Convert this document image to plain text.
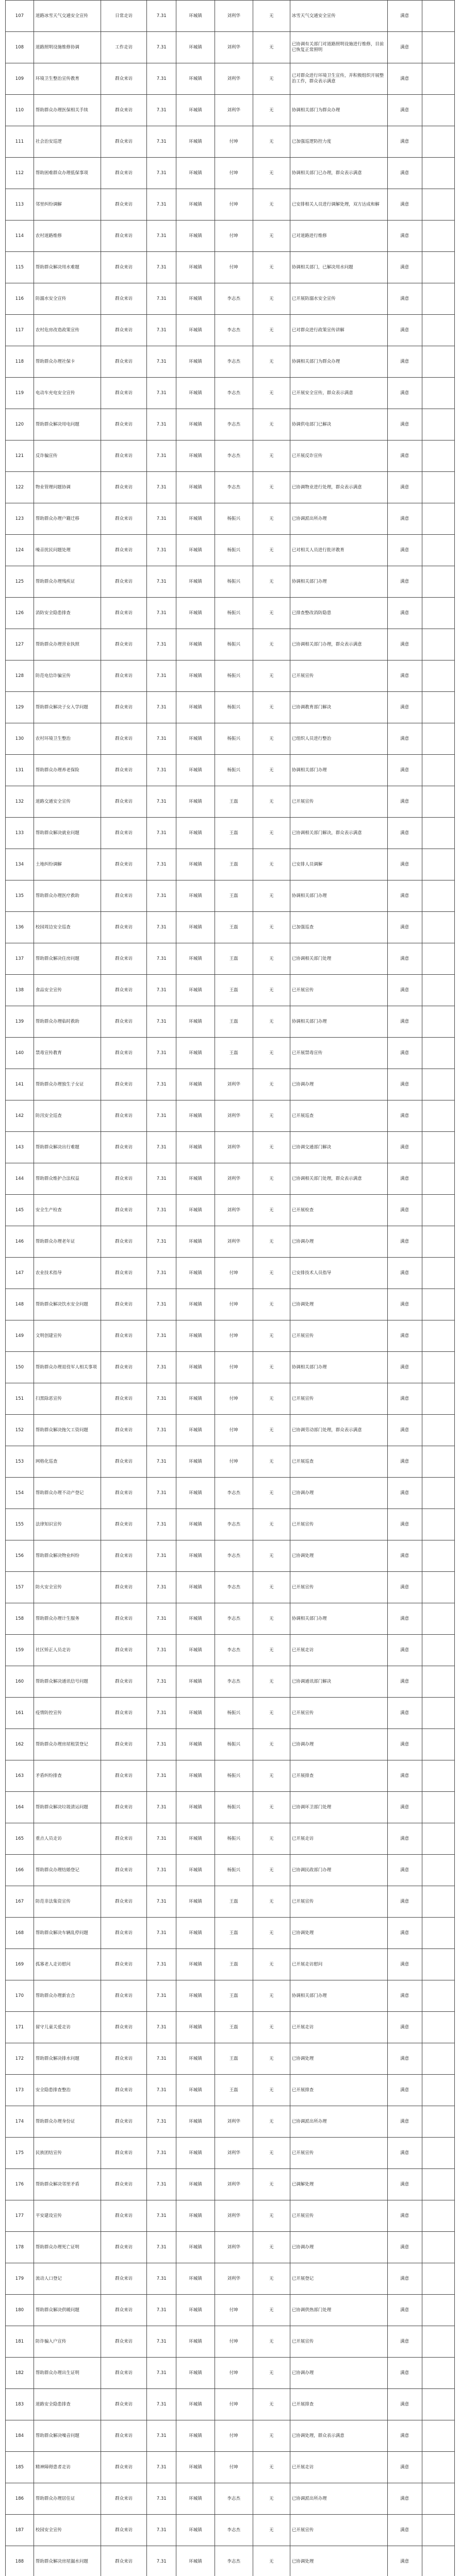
107	道路冰雪天气交通安全宣传	日常走访	7.31	环城镇	刘利华	无	冰雪天气交通安全宣传	满意	
108	道路照明设施维修协调	工作走访	7.31	环城镇	刘利华	无	已协调有关部门对道路照明设施进行维修，目前已恢复正常照明	满意	
109	环境卫生整治宣传教育	群众来访	7.31	环城镇	刘利华	无	已对群众进行环境卫生宣传，并积极组织开展整治工作，群众表示满意	满意	
110	帮助群众办理医保相关手续	群众来访	7.31	环城镇	刘利华	无	协调相关部门为群众办理	满意	
111	社会治安巡逻	群众来访	7.31	环城镇	付坤	无	已加强巡逻防控力度	满意	
112	帮助困难群众办理低保事项	群众来访	7.31	环城镇	付坤	无	协调相关部门已办理，群众表示满意	满意	
113	邻里纠纷调解	群众来访	7.31	环城镇	付坤	无	已安排相关人员进行调解处理，双方达成和解	满意	
114	农村道路维修	群众来访	7.31	环城镇	付坤	无	已对道路进行维修	满意	
115	帮助群众解决用水难题	群众来访	7.31	环城镇	付坤	无	协调相关部门，已解决用水问题	满意	
116	防溺水安全宣传	群众来访	7.31	环城镇	李志杰	无	已开展防溺水安全宣传	满意	
117	农村危房改造政策宣传	群众来访	7.31	环城镇	李志杰	无	已对群众进行政策宣传讲解	满意	
118	帮助群众办理社保卡	群众来访	7.31	环城镇	李志杰	无	协调相关部门为群众办理	满意	
119	电动车充电安全宣传	群众来访	7.31	环城镇	李志杰	无	已开展安全宣传，群众表示满意	满意	
120	帮助群众解决用电问题	群众来访	7.31	环城镇	李志杰	无	协调供电部门已解决	满意	
121	反诈骗宣传	群众来访	7.31	环城镇	李志杰	无	已开展反诈宣传	满意	
122	物业管理问题协调	群众来访	7.31	环城镇	李志杰	无	已协调物业进行处理，群众表示满意	满意	
123	帮助群众办理户籍迁移	群众来访	7.31	环城镇	杨振兴	无	已协调派出所办理	满意	
124	噪音扰民问题处理	群众来访	7.31	环城镇	杨振兴	无	已对相关人员进行批评教育	满意	
125	帮助群众办理残疾证	群众来访	7.31	环城镇	杨振兴	无	协调相关部门办理	满意	
126	消防安全隐患排查	群众来访	7.31	环城镇	杨振兴	无	已排查整改消防隐患	满意	
127	帮助群众办理营业执照	群众来访	7.31	环城镇	杨振兴	无	已协调相关部门办理，群众表示满意	满意	
128	防范电信诈骗宣传	群众来访	7.31	环城镇	杨振兴	无	已开展宣传	满意	
129	帮助群众解决子女入学问题	群众来访	7.31	环城镇	杨振兴	无	已协调教育部门解决	满意	
130	农村环境卫生整治	群众来访	7.31	环城镇	杨振兴	无	已组织人员进行整治	满意	
131	帮助群众办理养老保险	群众来访	7.31	环城镇	杨振兴	无	协调相关部门办理	满意	
132	道路交通安全宣传	群众来访	7.31	环城镇	王磊	无	已开展宣传	满意	
133	帮助群众解决就业问题	群众来访	7.31	环城镇	王磊	无	已协调相关部门解决，群众表示满意	满意	
134	土地纠纷调解	群众来访	7.31	环城镇	王磊	无	已安排人员调解	满意	
135	帮助群众办理医疗救助	群众来访	7.31	环城镇	王磊	无	协调相关部门办理	满意	
136	校园周边安全巡查	群众来访	7.31	环城镇	王磊	无	已加强巡查	满意	
137	帮助群众解决住房问题	群众来访	7.31	环城镇	王磊	无	已协调相关部门处理	满意	
138	食品安全宣传	群众来访	7.31	环城镇	王磊	无	已开展宣传	满意	
139	帮助群众办理临时救助	群众来访	7.31	环城镇	王磊	无	协调相关部门办理	满意	
140	禁毒宣传教育	群众来访	7.31	环城镇	王磊	无	已开展禁毒宣传	满意	
141	帮助群众办理独生子女证	群众来访	7.31	环城镇	刘利华	无	已协调办理	满意	
142	防汛安全巡查	群众来访	7.31	环城镇	刘利华	无	已开展巡查	满意	
143	帮助群众解决出行难题	群众来访	7.31	环城镇	刘利华	无	已协调交通部门解决	满意	
144	帮助群众维护合法权益	群众来访	7.31	环城镇	刘利华	无	已协调相关部门处理，群众表示满意	满意	
145	安全生产检查	群众来访	7.31	环城镇	刘利华	无	已开展检查	满意	
146	帮助群众办理老年证	群众来访	7.31	环城镇	刘利华	无	已协调办理	满意	
147	农业技术指导	群众来访	7.31	环城镇	付坤	无	已安排技术人员指导	满意	
148	帮助群众解决饮水安全问题	群众来访	7.31	环城镇	付坤	无	已协调处理	满意	
149	文明创建宣传	群众来访	7.31	环城镇	付坤	无	已开展宣传	满意	
150	帮助群众办理退役军人相关事项	群众来访	7.31	环城镇	付坤	无	协调相关部门办理	满意	
151	扫黑除恶宣传	群众来访	7.31	环城镇	付坤	无	已开展宣传	满意	
152	帮助群众解决拖欠工资问题	群众来访	7.31	环城镇	付坤	无	已协调劳动部门处理，群众表示满意	满意	
153	网格化巡查	群众来访	7.31	环城镇	付坤	无	已开展巡查	满意	
154	帮助群众办理不动产登记	群众来访	7.31	环城镇	李志杰	无	已协调办理	满意	
155	法律知识宣传	群众来访	7.31	环城镇	李志杰	无	已开展宣传	满意	
156	帮助群众解决物业纠纷	群众来访	7.31	环城镇	李志杰	无	已协调处理	满意	
157	防火安全宣传	群众来访	7.31	环城镇	李志杰	无	已开展宣传	满意	
158	帮助群众办理计生服务	群众来访	7.31	环城镇	李志杰	无	协调相关部门办理	满意	
159	社区矫正人员走访	群众来访	7.31	环城镇	李志杰	无	已开展走访	满意	
160	帮助群众解决通讯信号问题	群众来访	7.31	环城镇	李志杰	无	已协调通讯部门解决	满意	
161	疫情防控宣传	群众来访	7.31	环城镇	杨振兴	无	已开展宣传	满意	
162	帮助群众办理房屋租赁登记	群众来访	7.31	环城镇	杨振兴	无	已协调办理	满意	
163	矛盾纠纷排查	群众来访	7.31	环城镇	杨振兴	无	已开展排查	满意	
164	帮助群众解决垃圾清运问题	群众来访	7.31	环城镇	杨振兴	无	已协调环卫部门处理	满意	
165	重点人员走访	群众来访	7.31	环城镇	杨振兴	无	已开展走访	满意	
166	帮助群众办理结婚登记	群众来访	7.31	环城镇	杨振兴	无	已协调民政部门办理	满意	
167	防范非法集资宣传	群众来访	7.31	环城镇	王磊	无	已开展宣传	满意	
168	帮助群众解决车辆乱停问题	群众来访	7.31	环城镇	王磊	无	已协调处理	满意	
169	孤寡老人走访慰问	群众来访	7.31	环城镇	王磊	无	已开展走访慰问	满意	
170	帮助群众办理新农合	群众来访	7.31	环城镇	王磊	无	协调相关部门办理	满意	
171	留守儿童关爱走访	群众来访	7.31	环城镇	王磊	无	已开展走访	满意	
172	帮助群众解决排水问题	群众来访	7.31	环城镇	王磊	无	已协调处理	满意	
173	安全隐患排查整治	群众来访	7.31	环城镇	王磊	无	已开展排查	满意	
174	帮助群众办理身份证	群众来访	7.31	环城镇	刘利华	无	已协调派出所办理	满意	
175	民族团结宣传	群众来访	7.31	环城镇	刘利华	无	已开展宣传	满意	
176	帮助群众解决邻里矛盾	群众来访	7.31	环城镇	刘利华	无	已调解处理	满意	
177	平安建设宣传	群众来访	7.31	环城镇	刘利华	无	已开展宣传	满意	
178	帮助群众办理死亡证明	群众来访	7.31	环城镇	刘利华	无	已协调办理	满意	
179	流动人口登记	群众来访	7.31	环城镇	刘利华	无	已开展登记	满意	
180	帮助群众解决供暖问题	群众来访	7.31	环城镇	付坤	无	已协调供热部门处理	满意	
181	防诈骗入户宣传	群众来访	7.31	环城镇	付坤	无	已开展宣传	满意	
182	帮助群众办理出生证明	群众来访	7.31	环城镇	付坤	无	已协调办理	满意	
183	道路安全隐患排查	群众来访	7.31	环城镇	付坤	无	已开展排查	满意	
184	帮助群众解决噪音问题	群众来访	7.31	环城镇	付坤	无	已协调处理，群众表示满意	满意	
185	精神障碍患者走访	群众来访	7.31	环城镇	付坤	无	已开展走访	满意	
186	帮助群众办理居住证	群众来访	7.31	环城镇	李志杰	无	已协调派出所办理	满意	
187	校园安全宣传	群众来访	7.31	环城镇	李志杰	无	已开展宣传	满意	
188	帮助群众解决房屋漏水问题	群众来访	7.31	环城镇	李志杰	无	已协调处理	满意	
